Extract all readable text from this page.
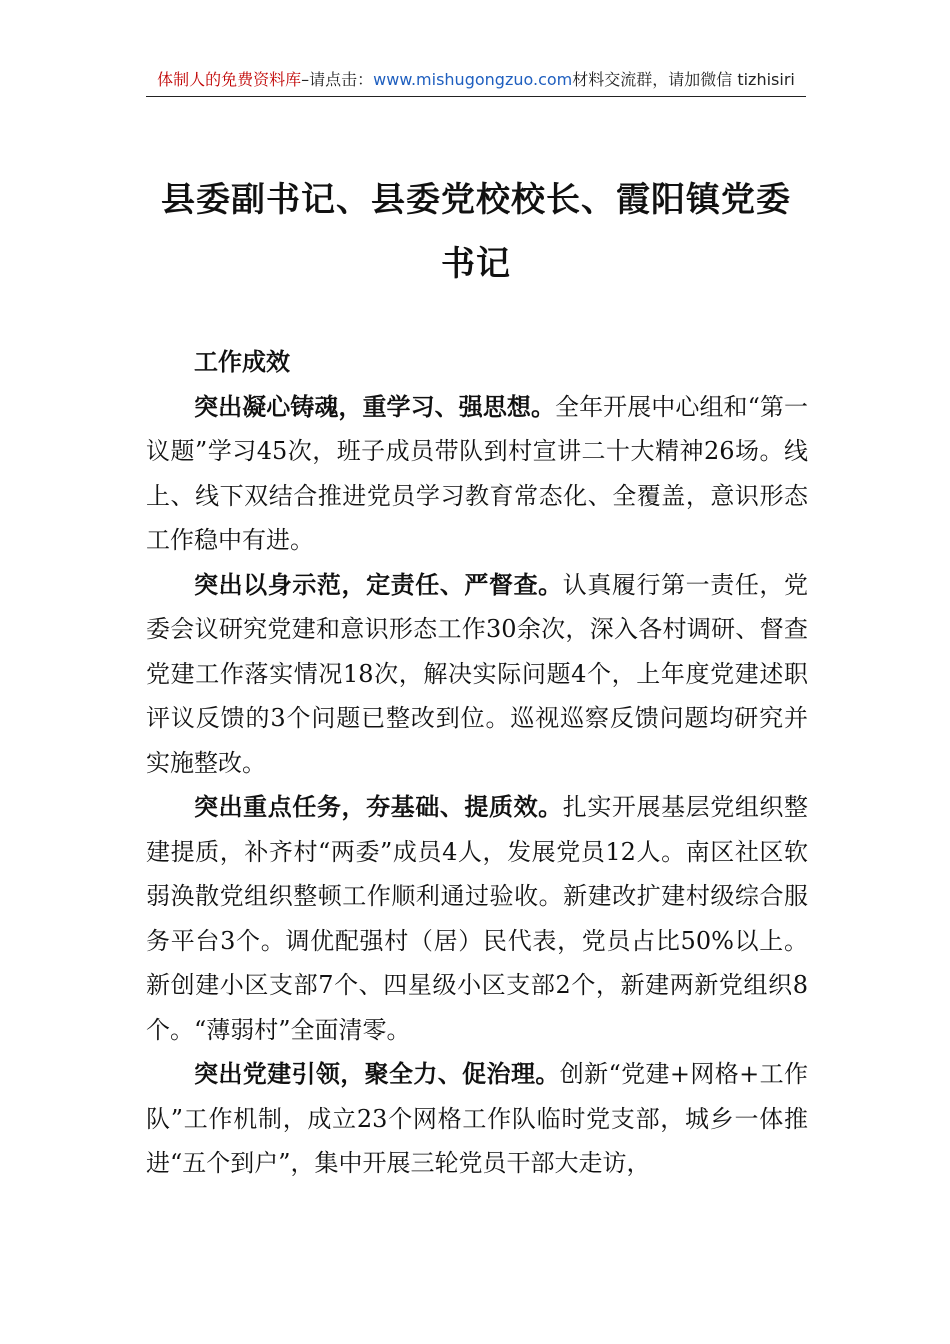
体制人的免费资料库–请点击：www.mishugongzuo.com材料交流群，请加微信 tizhisiri
县委副书记、县委党校校长、霞阳镇党委书记

工作成效

突出凝心铸魂，重学习、强思想。全年开展中心组和“第一议题”学习45次，班子成员带队到村宣讲二十大精神26场。线上、线下双结合推进党员学习教育常态化、全覆盖，意识形态工作稳中有进。

突出以身示范，定责任、严督查。认真履行第一责任，党委会议研究党建和意识形态工作30余次，深入各村调研、督查党建工作落实情况18次，解决实际问题4个，上年度党建述职评议反馈的3个问题已整改到位。巡视巡察反馈问题均研究并实施整改。

突出重点任务，夯基础、提质效。扎实开展基层党组织整建提质，补齐村“两委”成员4人，发展党员12人。南区社区软弱涣散党组织整顿工作顺利通过验收。新建改扩建村级综合服务平台3个。调优配强村（居）民代表，党员占比50%以上。新创建小区支部7个、四星级小区支部2个，新建两新党组织8个。“薄弱村”全面清零。

突出党建引领，聚全力、促治理。创新“党建+网格+工作队”工作机制，成立23个网格工作队临时党支部，城乡一体推进“五个到户”，集中开展三轮党员干部大走访，
